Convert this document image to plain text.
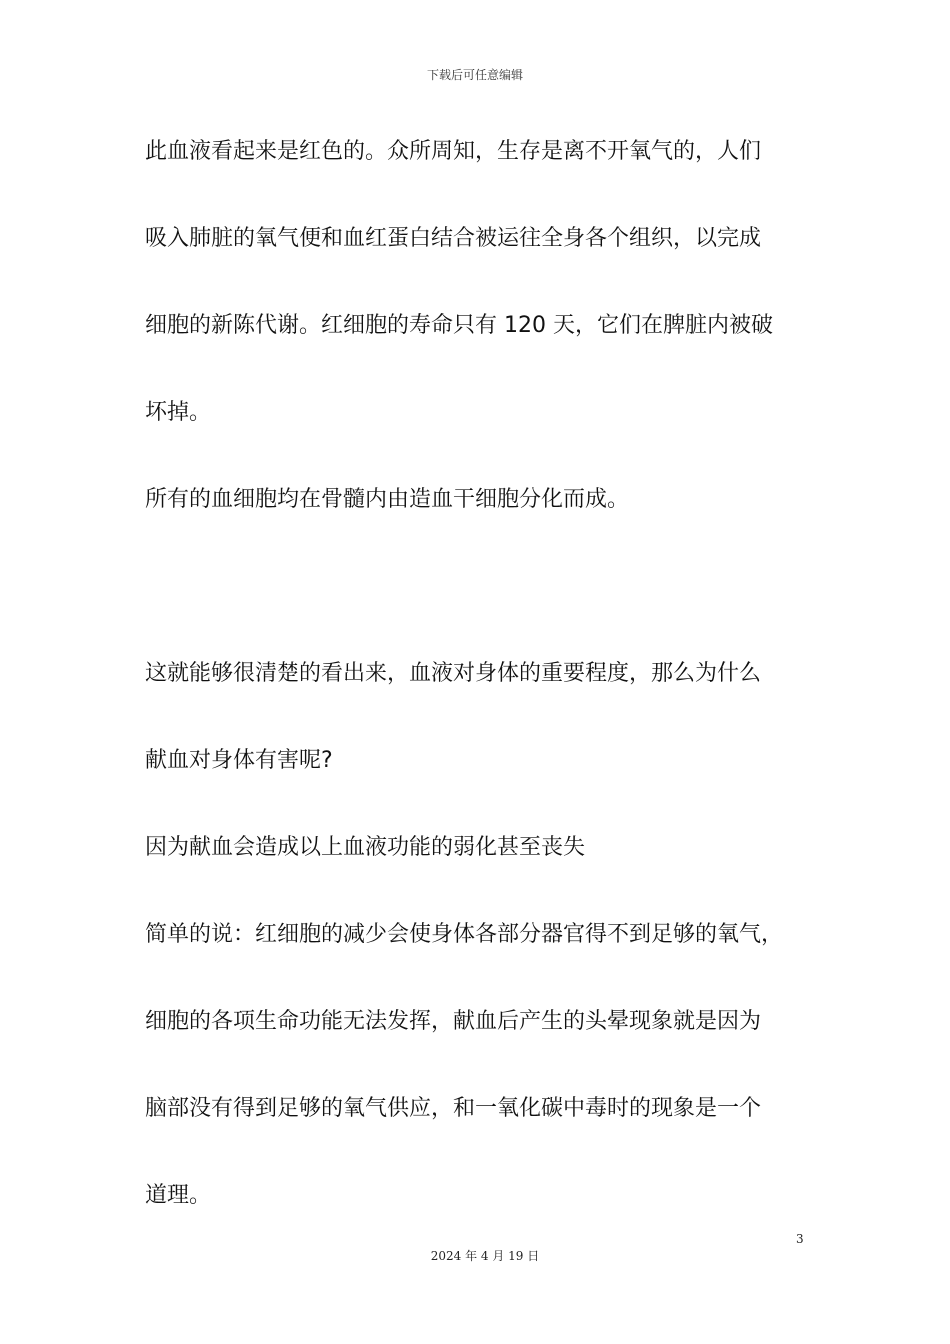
下载后可任意编辑
此血液看起来是红色的。众所周知，生存是离不开氧气的，人们
吸入肺脏的氧气便和血红蛋白结合被运往全身各个组织，以完成
细胞的新陈代谢。红细胞的寿命只有 120 天，它们在脾脏内被破
坏掉。
所有的血细胞均在骨髓内由造血干细胞分化而成。
这就能够很清楚的看出来，血液对身体的重要程度，那么为什么
献血对身体有害呢?
因为献血会造成以上血液功能的弱化甚至丧失
简单的说：红细胞的减少会使身体各部分器官得不到足够的氧气，
细胞的各项生命功能无法发挥，献血后产生的头晕现象就是因为
脑部没有得到足够的氧气供应，和一氧化碳中毒时的现象是一个
道理。
3
2024 年 4 月 19 日
